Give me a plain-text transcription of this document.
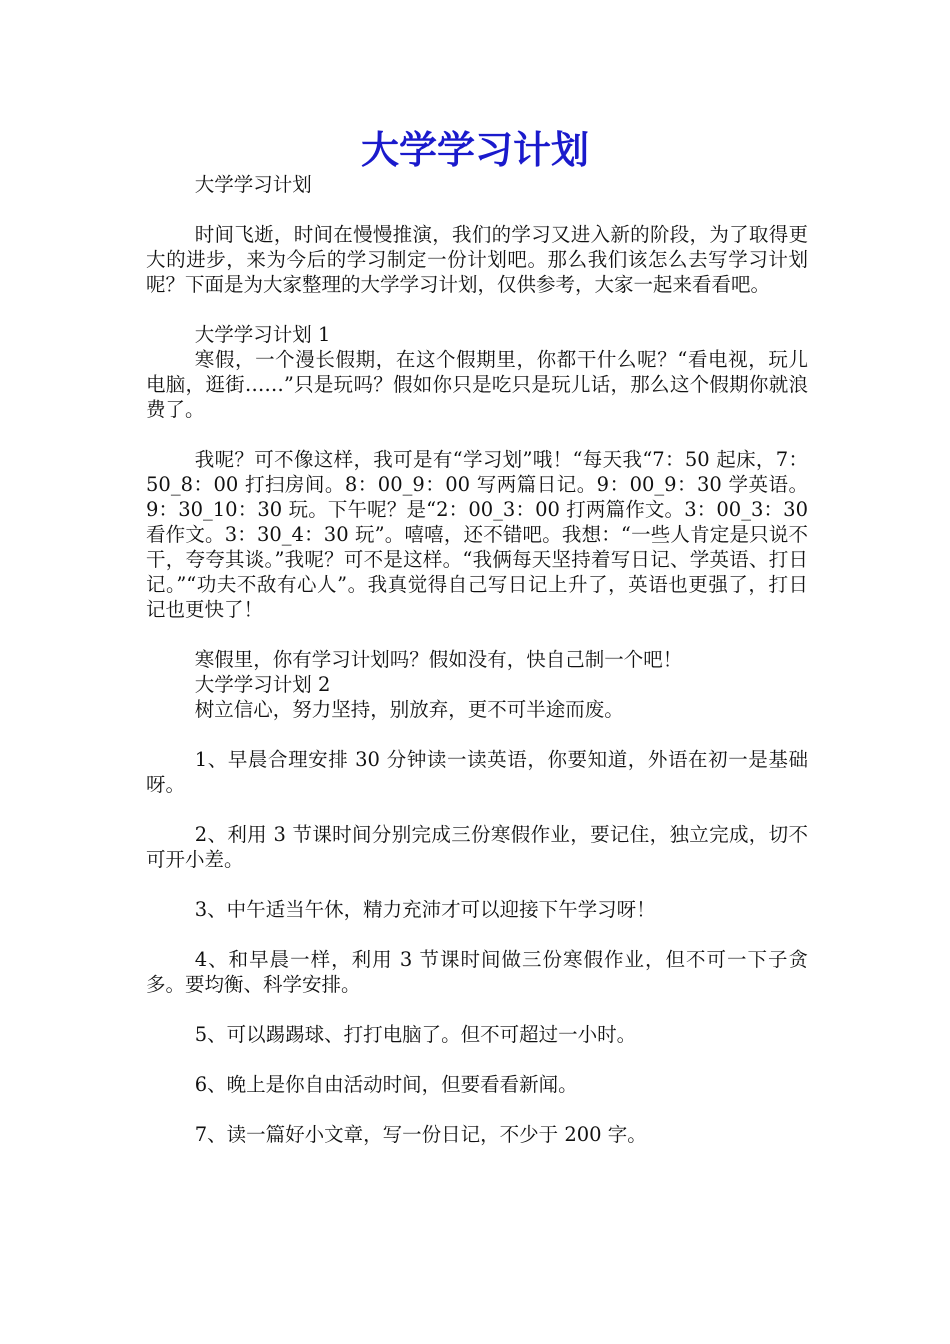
大学学习计划

大学学习计划

时间飞逝，时间在慢慢推演，我们的学习又进入新的阶段，为了取得更大的进步，来为今后的学习制定一份计划吧。那么我们该怎么去写学习计划呢？下面是为大家整理的大学学习计划，仅供参考，大家一起来看看吧。

大学学习计划 1

寒假，一个漫长假期，在这个假期里，你都干什么呢？“看电视，玩儿电脑，逛街……”只是玩吗？假如你只是吃只是玩儿话，那么这个假期你就浪费了。

我呢？可不像这样，我可是有“学习划”哦！“每天我“7：50 起床，7：50_8：00 打扫房间。8：00_9：00 写两篇日记。9：00_9：30 学英语。9：30_10：30 玩。下午呢？是“2：00_3：00 打两篇作文。3：00_3：30 看作文。3：30_4：30 玩”。嘻嘻，还不错吧。我想：“一些人肯定是只说不干，夸夸其谈。”我呢？可不是这样。“我俩每天坚持着写日记、学英语、打日记。”“功夫不敌有心人”。我真觉得自己写日记上升了，英语也更强了，打日记也更快了！

寒假里，你有学习计划吗？假如没有，快自己制一个吧！

大学学习计划 2

树立信心，努力坚持，别放弃，更不可半途而废。

1、早晨合理安排 30 分钟读一读英语，你要知道，外语在初一是基础呀。

2、利用 3 节课时间分别完成三份寒假作业，要记住，独立完成，切不可开小差。

3、中午适当午休，精力充沛才可以迎接下午学习呀！

4、和早晨一样，利用 3 节课时间做三份寒假作业，但不可一下子贪多。要均衡、科学安排。

5、可以踢踢球、打打电脑了。但不可超过一小时。

6、晚上是你自由活动时间，但要看看新闻。

7、读一篇好小文章，写一份日记，不少于 200 字。
